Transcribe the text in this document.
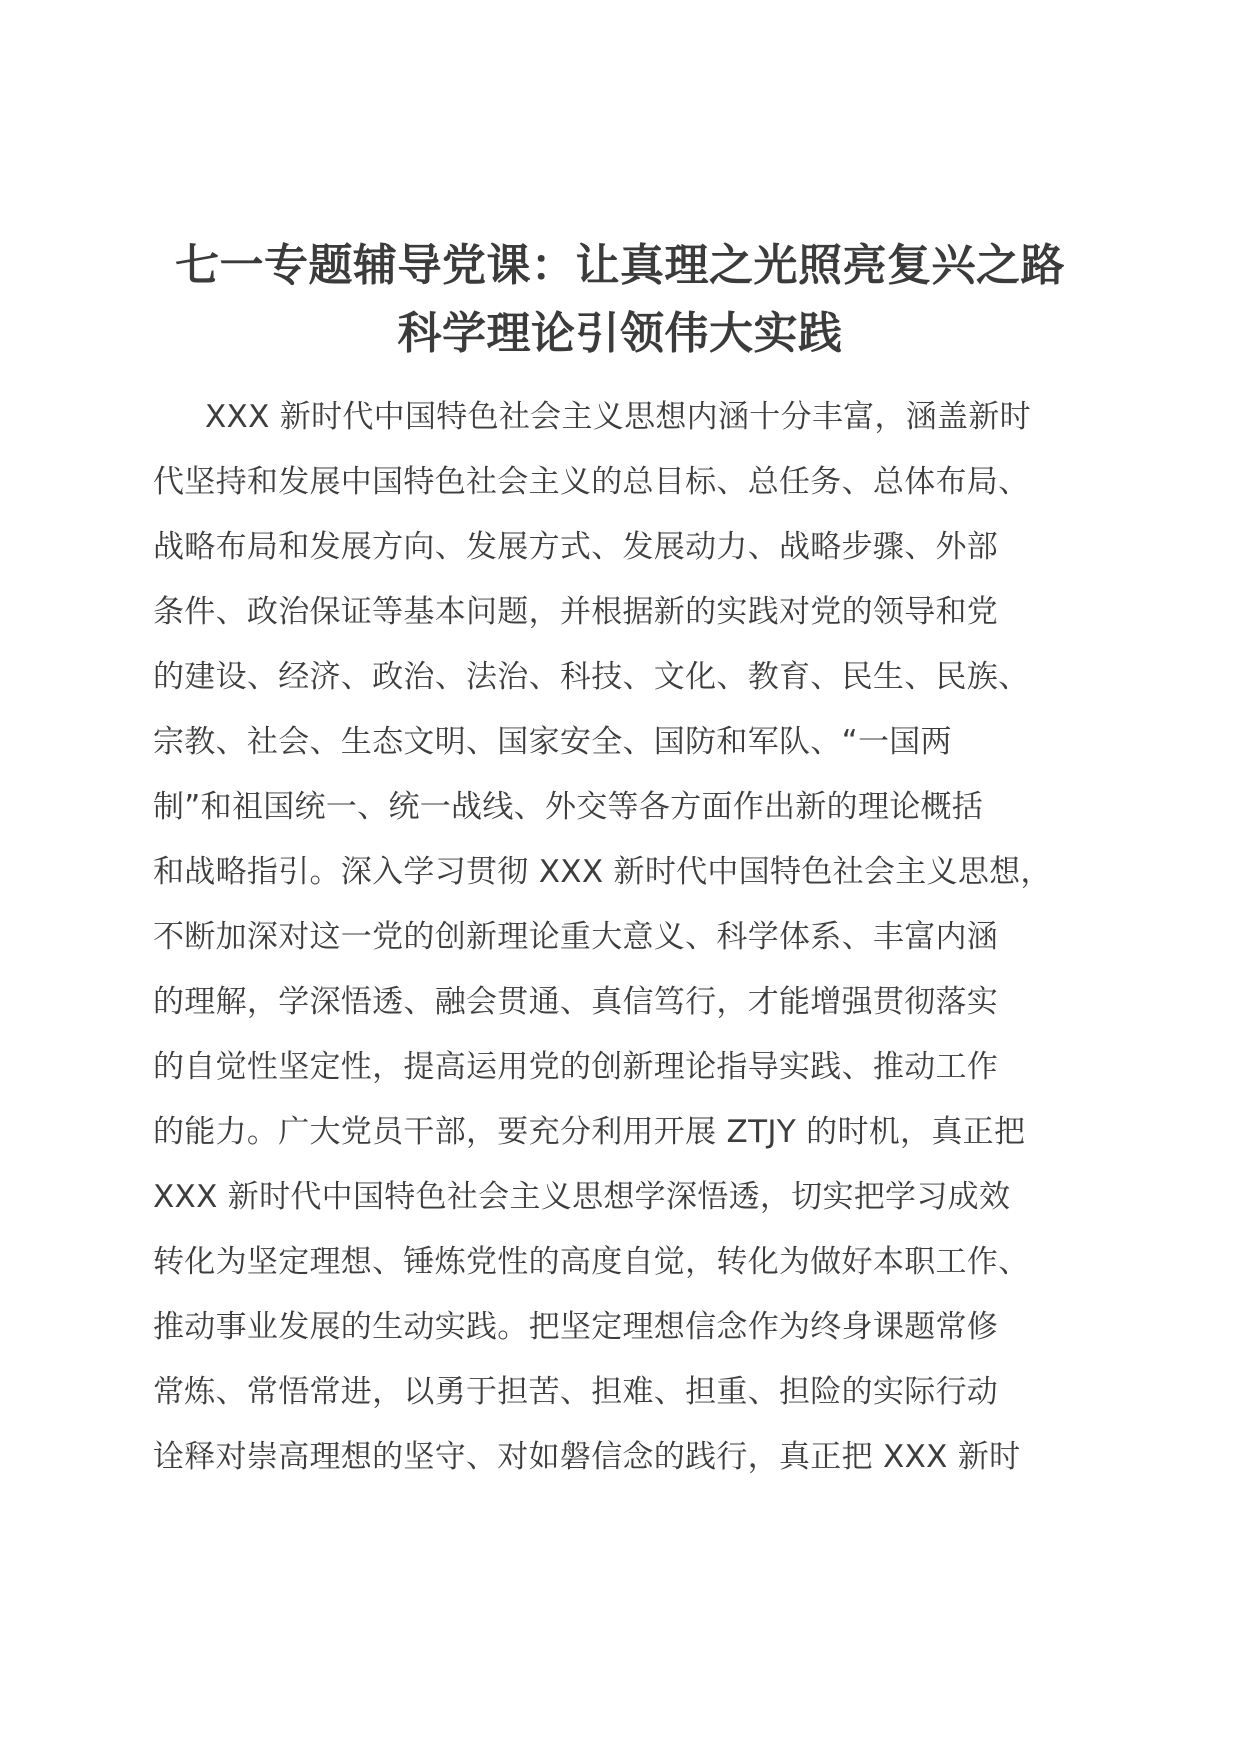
七一专题辅导党课：让真理之光照亮复兴之路
科学理论引领伟大实践
XXX 新时代中国特色社会主义思想内涵十分丰富，涵盖新时
代坚持和发展中国特色社会主义的总目标、总任务、总体布局、
战略布局和发展方向、发展方式、发展动力、战略步骤、外部
条件、政治保证等基本问题，并根据新的实践对党的领导和党
的建设、经济、政治、法治、科技、文化、教育、民生、民族、
宗教、社会、生态文明、国家安全、国防和军队、“一国两
制”和祖国统一、统一战线、外交等各方面作出新的理论概括
和战略指引。深入学习贯彻 XXX 新时代中国特色社会主义思想，
不断加深对这一党的创新理论重大意义、科学体系、丰富内涵
的理解，学深悟透、融会贯通、真信笃行，才能增强贯彻落实
的自觉性坚定性，提高运用党的创新理论指导实践、推动工作
的能力。广大党员干部，要充分利用开展 ZTJY 的时机，真正把
XXX 新时代中国特色社会主义思想学深悟透，切实把学习成效
转化为坚定理想、锤炼党性的高度自觉，转化为做好本职工作、
推动事业发展的生动实践。把坚定理想信念作为终身课题常修
常炼、常悟常进，以勇于担苦、担难、担重、担险的实际行动
诠释对崇高理想的坚守、对如磐信念的践行，真正把 XXX 新时
